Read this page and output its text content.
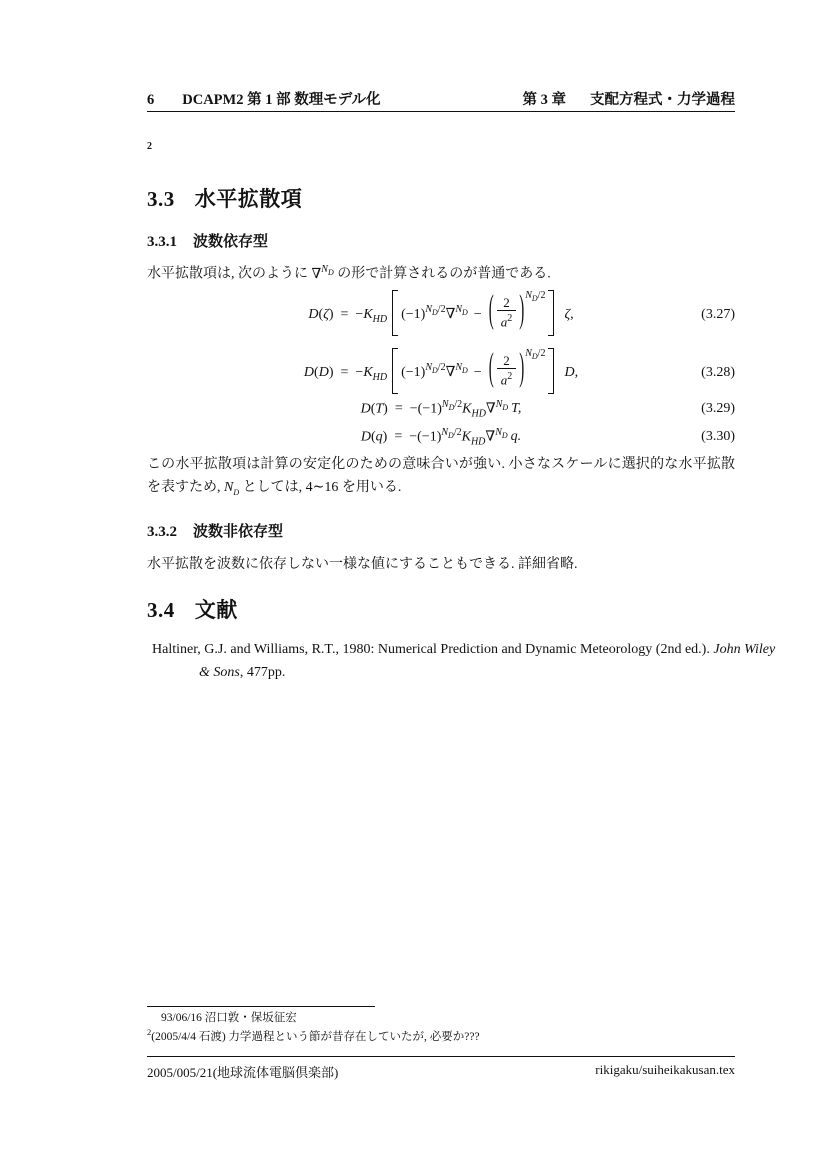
6 DCAPM2 第 1 部 数理モデル化	第 3 章 支配方程式・力学過程
2
3.3 水平拡散項
3.3.1 波数依存型
水平拡散項は, 次のように ∇$^{N_D}$ の形で計算されるのが普通である.
$D(\zeta) = -K_{HD}$ $(-1)^{N_D/2}\nabla^{N_D}$ − ( $\frac{2}{a^2} )^{N_D/2}\zeta$,	(3.27)
$D(D) = -K_{HD}$ $(-1)^{N_D/2}\nabla^{N_D}$ − ( $\frac{2}{a^2} )^{N_D/2}D$,	(3.28)
$D(T) = -(-1)^{N_D/2}K_{HD}\nabla^{N_D}$ T,	(3.29)
$D(q) = -(-1)^{N_D/2}K_{HD}\nabla^{N_D}$ q.	(3.30)
この水平拡散項は計算の安定化のための意味合いが強い. 小さなスケールに選択的な水平拡散を表すため, $N_D$ としては, 4∼16 を用いる.
3.3.2 波数非依存型
水平拡散を波数に依存しない一様な値にすることもできる. 詳細省略.
3.4 文献
Haltiner, G.J. and Williams, R.T., 1980: Numerical Prediction and Dynamic Meteorology (2nd ed.). John Wiley & Sons, 477pp.
93/06/16 沼口敦・保坂征宏
$^2$(2005/4/4 石渡) 力学過程という節が昔存在していたが, 必要か???
2005/005/21(地球流体電脳倶楽部)	rikigaku/suiheikakusan.tex
